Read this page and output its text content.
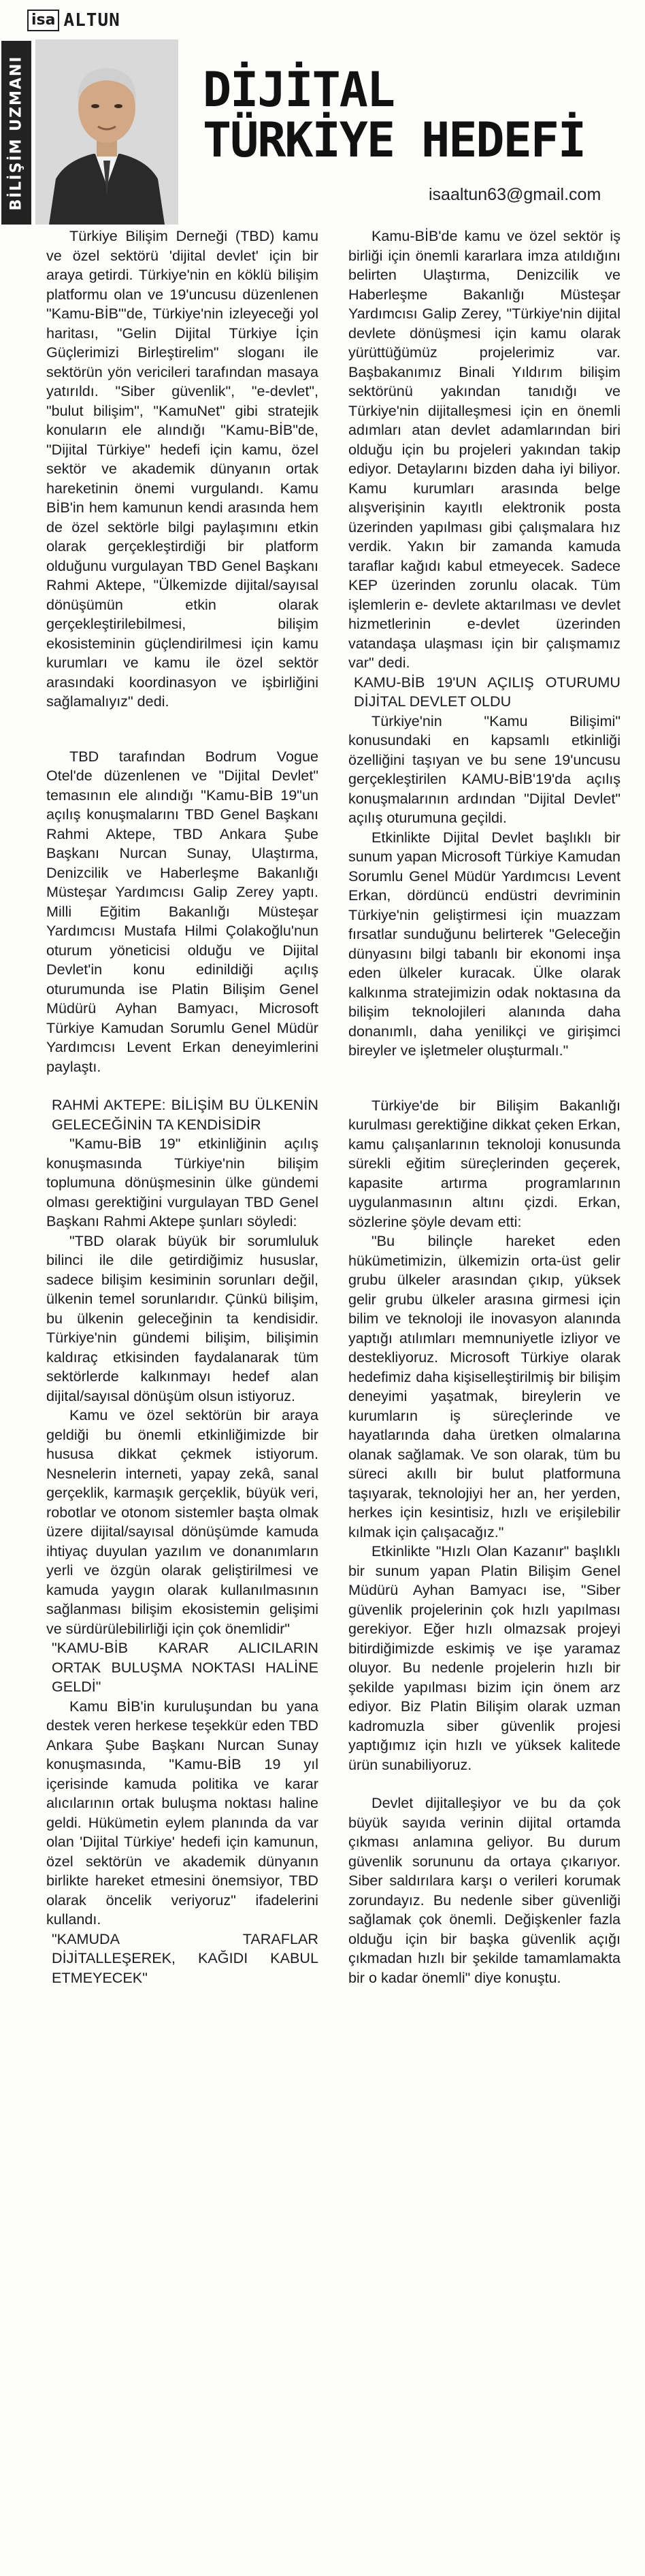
isa ALTUN
BİLİŞİM UZMANI	DİJİTAL
TÜRKİYE HEDEFİ
isaaltun63@gmail.com

Türkiye Bilişim Derneği (TBD) kamu ve özel sektörü 'dijital devlet' için bir araya getirdi. Türkiye'nin en köklü bilişim platformu olan ve 19'uncusu düzenlenen "Kamu-BİB"'de, Türkiye'nin izleyeceği yol haritası, "Gelin Dijital Türkiye İçin Güçlerimizi Birleştirelim" sloganı ile sektörün yön vericileri tarafından masaya yatırıldı. "Siber güvenlik", "e-devlet", "bulut bilişim", "KamuNet" gibi stratejik konuların ele alındığı "Kamu-BİB"de, "Dijital Türkiye" hedefi için kamu, özel sektör ve akademik dünyanın ortak hareketinin önemi vurgulandı. Kamu BİB'in hem kamunun kendi arasında hem de özel sektörle bilgi paylaşımını etkin olarak gerçekleştirdiği bir platform olduğunu vurgulayan TBD Genel Başkanı Rahmi Aktepe, "Ülkemizde dijital/sayısal dönüşümün etkin olarak gerçekleştirilebilmesi, bilişim ekosisteminin güçlendirilmesi için kamu kurumları ve kamu ile özel sektör arasındaki koordinasyon ve işbirliğini sağlamalıyız" dedi.

TBD tarafından Bodrum Vogue Otel'de düzenlenen ve "Dijital Devlet" temasının ele alındığı "Kamu-BİB 19"un açılış konuşmalarını TBD Genel Başkanı Rahmi Aktepe, TBD Ankara Şube Başkanı Nurcan Sunay, Ulaştırma, Denizcilik ve Haberleşme Bakanlığı Müsteşar Yardımcısı Galip Zerey yaptı. Milli Eğitim Bakanlığı Müsteşar Yardımcısı Mustafa Hilmi Çolakoğlu'nun oturum yöneticisi olduğu ve Dijital Devlet'in konu edinildiği açılış oturumunda ise Platin Bilişim Genel Müdürü Ayhan Bamyacı, Microsoft Türkiye Kamudan Sorumlu Genel Müdür Yardımcısı Levent Erkan deneyimlerini paylaştı.

RAHMİ AKTEPE: BİLİŞİM BU ÜLKENİN GELECEĞİNİN TA KENDİSİDİR

"Kamu-BİB 19" etkinliğinin açılış konuşmasında Türkiye'nin bilişim toplumuna dönüşmesinin ülke gündemi olması gerektiğini vurgulayan TBD Genel Başkanı Rahmi Aktepe şunları söyledi:

"TBD olarak büyük bir sorumluluk bilinci ile dile getirdiğimiz hususlar, sadece bilişim kesiminin sorunları değil, ülkenin temel sorunlarıdır. Çünkü bilişim, bu ülkenin geleceğinin ta kendisidir. Türkiye'nin gündemi bilişim, bilişimin kaldıraç etkisinden faydalanarak tüm sektörlerde kalkınmayı hedef alan dijital/sayısal dönüşüm olsun istiyoruz.

Kamu ve özel sektörün bir araya geldiği bu önemli etkinliğimizde bir hususa dikkat çekmek istiyorum. Nesnelerin interneti, yapay zekâ, sanal gerçeklik, karmaşık gerçeklik, büyük veri, robotlar ve otonom sistemler başta olmak üzere dijital/sayısal dönüşümde kamuda ihtiyaç duyulan yazılım ve donanımların yerli ve özgün olarak geliştirilmesi ve kamuda yaygın olarak kullanılmasının sağlanması bilişim ekosistemin gelişimi ve sürdürülebilirliği için çok önemlidir"

"KAMU-BİB KARAR ALICILARIN ORTAK BULUŞMA NOKTASI HALİNE GELDİ"

Kamu BİB'in kuruluşundan bu yana destek veren herkese teşekkür eden TBD Ankara Şube Başkanı Nurcan Sunay konuşmasında, "Kamu-BİB 19 yıl içerisinde kamuda politika ve karar alıcılarının ortak buluşma noktası haline geldi. Hükümetin eylem planında da var olan 'Dijital Türkiye' hedefi için kamunun, özel sektörün ve akademik dünyanın birlikte hareket etmesini önemsiyor, TBD olarak öncelik veriyoruz" ifadelerini kullandı.

"KAMUDA TARAFLAR DİJİTALLEŞEREK, KAĞIDI KABUL ETMEYECEK"

Kamu-BİB'de kamu ve özel sektör iş birliği için önemli kararlara imza atıldığını belirten Ulaştırma, Denizcilik ve Haberleşme Bakanlığı Müsteşar Yardımcısı Galip Zerey, "Türkiye'nin dijital devlete dönüşmesi için kamu olarak yürüttüğümüz projelerimiz var. Başbakanımız Binali Yıldırım bilişim sektörünü yakından tanıdığı ve Türkiye'nin dijitalleşmesi için en önemli adımları atan devlet adamlarından biri olduğu için bu projeleri yakından takip ediyor. Detaylarını bizden daha iyi biliyor. Kamu kurumları arasında belge alışverişinin kayıtlı elektronik posta üzerinden yapılması gibi çalışmalara hız verdik. Yakın bir zamanda kamuda taraflar kağıdı kabul etmeyecek. Sadece KEP üzerinden zorunlu olacak. Tüm işlemlerin e- devlete aktarılması ve devlet hizmetlerinin e-devlet üzerinden vatandaşa ulaşması için bir çalışmamız var" dedi.

KAMU-BİB 19'UN AÇILIŞ OTURUMU DİJİTAL DEVLET OLDU

Türkiye'nin "Kamu Bilişimi" konusundaki en kapsamlı etkinliği özelliğini taşıyan ve bu sene 19'uncusu gerçekleştirilen KAMU-BİB'19'da açılış konuşmalarının ardından "Dijital Devlet" açılış oturumuna geçildi.

Etkinlikte Dijital Devlet başlıklı bir sunum yapan Microsoft Türkiye Kamudan Sorumlu Genel Müdür Yardımcısı Levent Erkan, dördüncü endüstri devriminin Türkiye'nin geliştirmesi için muazzam fırsatlar sunduğunu belirterek "Geleceğin dünyasını bilgi tabanlı bir ekonomi inşa eden ülkeler kuracak. Ülke olarak kalkınma stratejimizin odak noktasına da bilişim teknolojileri alanında daha donanımlı, daha yenilikçi ve girişimci bireyler ve işletmeler oluşturmalı."

Türkiye'de bir Bilişim Bakanlığı kurulması gerektiğine dikkat çeken Erkan, kamu çalışanlarının teknoloji konusunda sürekli eğitim süreçlerinden geçerek, kapasite artırma programlarının uygulanmasının altını çizdi. Erkan, sözlerine şöyle devam etti:

"Bu bilinçle hareket eden hükümetimizin, ülkemizin orta-üst gelir grubu ülkeler arasından çıkıp, yüksek gelir grubu ülkeler arasına girmesi için bilim ve teknoloji ile inovasyon alanında yaptığı atılımları memnuniyetle izliyor ve destekliyoruz. Microsoft Türkiye olarak hedefimiz daha kişiselleştirilmiş bir bilişim deneyimi yaşatmak, bireylerin ve kurumların iş süreçlerinde ve hayatlarında daha üretken olmalarına olanak sağlamak. Ve son olarak, tüm bu süreci akıllı bir bulut platformuna taşıyarak, teknolojiyi her an, her yerden, herkes için kesintisiz, hızlı ve erişilebilir kılmak için çalışacağız."

Etkinlikte "Hızlı Olan Kazanır" başlıklı bir sunum yapan Platin Bilişim Genel Müdürü Ayhan Bamyacı ise, "Siber güvenlik projelerinin çok hızlı yapılması gerekiyor. Eğer hızlı olmazsak projeyi bitirdiğimizde eskimiş ve işe yaramaz oluyor. Bu nedenle projelerin hızlı bir şekilde yapılması bizim için önem arz ediyor. Biz Platin Bilişim olarak uzman kadromuzla siber güvenlik projesi yaptığımız için hızlı ve yüksek kalitede ürün sunabiliyoruz.

Devlet dijitalleşiyor ve bu da çok büyük sayıda verinin dijital ortamda çıkması anlamına geliyor. Bu durum güvenlik sorununu da ortaya çıkarıyor. Siber saldırılara karşı o verileri korumak zorundayız. Bu nedenle siber güvenliği sağlamak çok önemli. Değişkenler fazla olduğu için bir başka güvenlik açığı çıkmadan hızlı bir şekilde tamamlamakta bir o kadar önemli" diye konuştu.
